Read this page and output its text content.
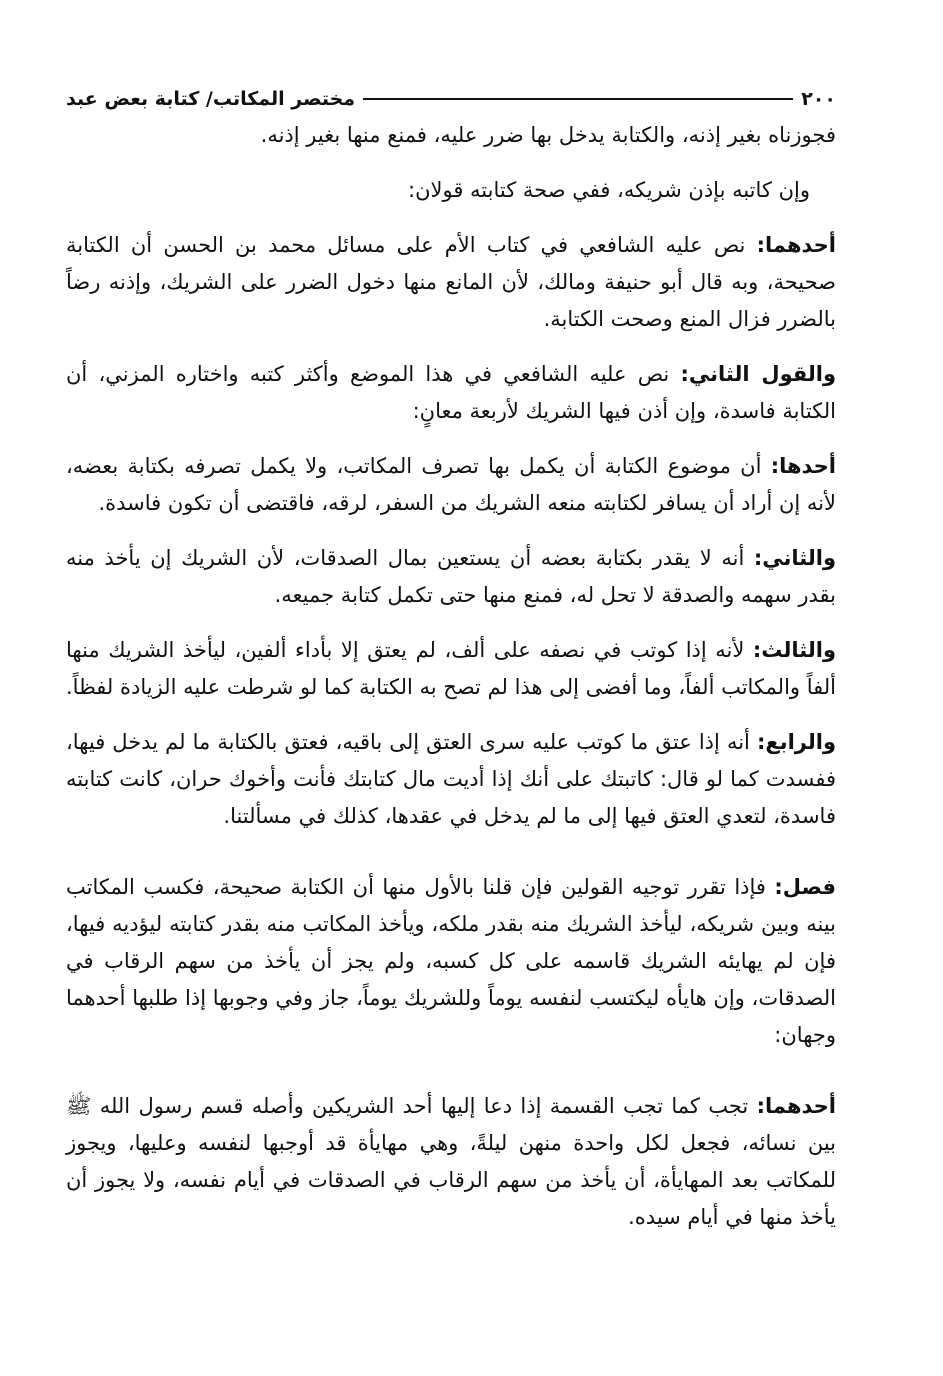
٢٠٠
مختصر المكاتب/ كتابة بعض عبد

فجوزناه بغير إذنه، والكتابة يدخل بها ضرر عليه، فمنع منها بغير إذنه.

وإن كاتبه بإذن شريكه، ففي صحة كتابته قولان:

أحدهما: نص عليه الشافعي في كتاب الأم على مسائل محمد بن الحسن أن الكتابة صحيحة، وبه قال أبو حنيفة ومالك، لأن المانع منها دخول الضرر على الشريك، وإذنه رضاً بالضرر فزال المنع وصحت الكتابة.

والقول الثاني: نص عليه الشافعي في هذا الموضع وأكثر كتبه واختاره المزني، أن الكتابة فاسدة، وإن أذن فيها الشريك لأربعة معانٍ:

أحدها: أن موضوع الكتابة أن يكمل بها تصرف المكاتب، ولا يكمل تصرفه بكتابة بعضه، لأنه إن أراد أن يسافر لكتابته منعه الشريك من السفر، لرقه، فاقتضى أن تكون فاسدة.

والثاني: أنه لا يقدر بكتابة بعضه أن يستعين بمال الصدقات، لأن الشريك إن يأخذ منه بقدر سهمه والصدقة لا تحل له، فمنع منها حتى تكمل كتابة جميعه.

والثالث: لأنه إذا كوتب في نصفه على ألف، لم يعتق إلا بأداء ألفين، ليأخذ الشريك منها ألفاً والمكاتب ألفاً، وما أفضى إلى هذا لم تصح به الكتابة كما لو شرطت عليه الزيادة لفظاً.

والرابع: أنه إذا عتق ما كوتب عليه سرى العتق إلى باقيه، فعتق بالكتابة ما لم يدخل فيها، ففسدت كما لو قال: كاتبتك على أنك إذا أديت مال كتابتك فأنت وأخوك حران، كانت كتابته فاسدة، لتعدي العتق فيها إلى ما لم يدخل في عقدها، كذلك في مسألتنا.

فصل: فإذا تقرر توجيه القولين فإن قلنا بالأول منها أن الكتابة صحيحة، فكسب المكاتب بينه وبين شريكه، ليأخذ الشريك منه بقدر ملكه، ويأخذ المكاتب منه بقدر كتابته ليؤديه فيها، فإن لم يهايئه الشريك قاسمه على كل كسبه، ولم يجز أن يأخذ من سهم الرقاب في الصدقات، وإن هايأه ليكتسب لنفسه يوماً وللشريك يوماً، جاز وفي وجوبها إذا طلبها أحدهما وجهان:

أحدهما: تجب كما تجب القسمة إذا دعا إليها أحد الشريكين وأصله قسم رسول الله ﷺ بين نسائه، فجعل لكل واحدة منهن ليلةً، وهي مهايأة قد أوجبها لنفسه وعليها، ويجوز للمكاتب بعد المهايأة، أن يأخذ من سهم الرقاب في الصدقات في أيام نفسه، ولا يجوز أن يأخذ منها في أيام سيده.
